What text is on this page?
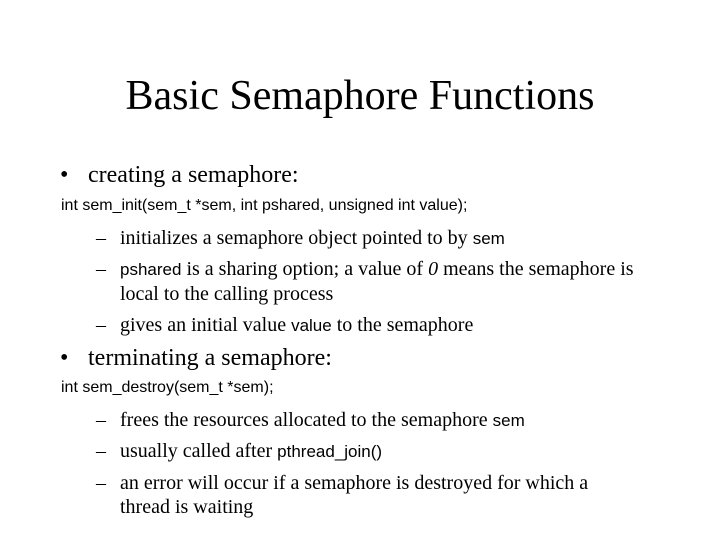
Basic Semaphore Functions
• creating a semaphore:
int sem_init(sem_t *sem, int pshared, unsigned int value);
– initializes a semaphore object pointed to by sem
– pshared is a sharing option; a value of 0 means the semaphore is local to the calling process
– gives an initial value value to the semaphore
• terminating a semaphore:
int sem_destroy(sem_t *sem);
– frees the resources allocated to the semaphore sem
– usually called after pthread_join()
– an error will occur if a semaphore is destroyed for which a thread is waiting
